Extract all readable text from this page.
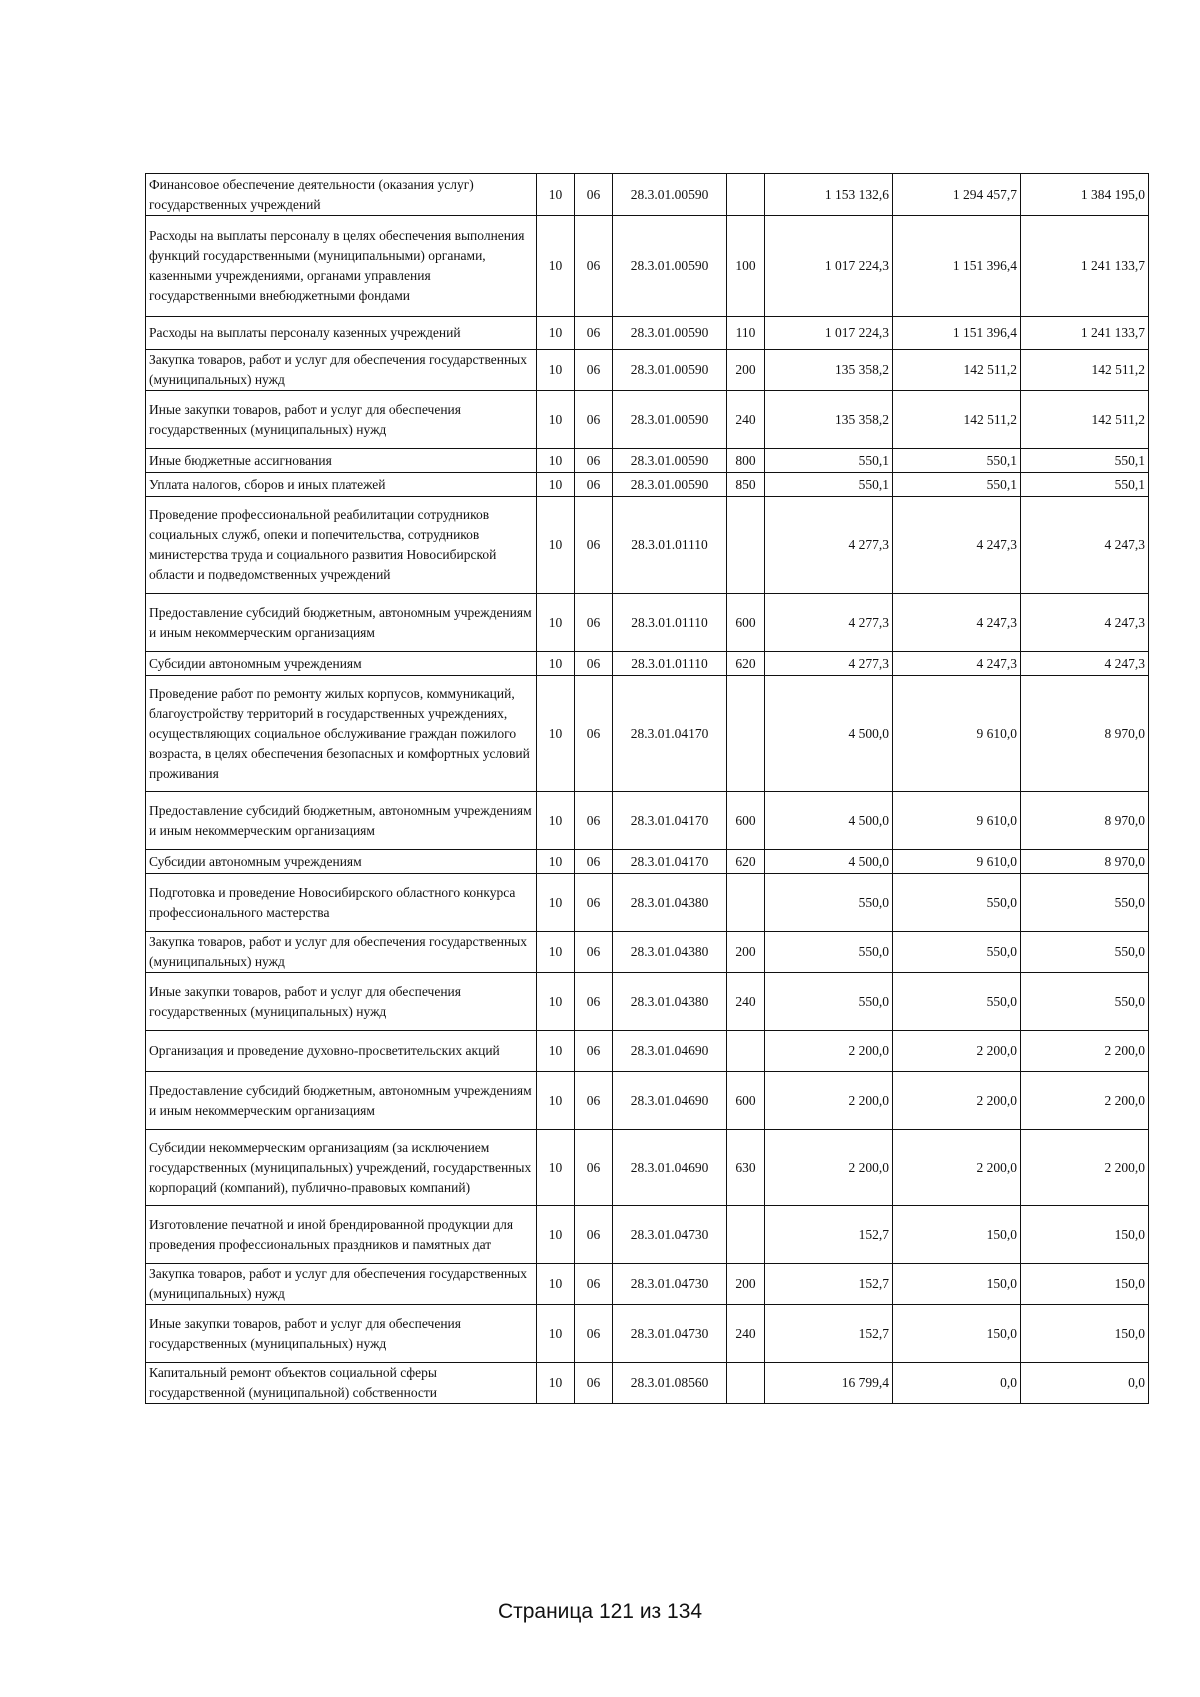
Финансовое обеспечение деятельности (оказания услуг) государственных учреждений	10	06	28.3.01.00590		1 153 132,6	1 294 457,7	1 384 195,0
Расходы на выплаты персоналу в целях обеспечения выполнения функций государственными (муниципальными) органами, казенными учреждениями, органами управления государственными внебюджетными фондами	10	06	28.3.01.00590	100	1 017 224,3	1 151 396,4	1 241 133,7
Расходы на выплаты персоналу казенных учреждений	10	06	28.3.01.00590	110	1 017 224,3	1 151 396,4	1 241 133,7
Закупка товаров, работ и услуг для обеспечения государственных (муниципальных) нужд	10	06	28.3.01.00590	200	135 358,2	142 511,2	142 511,2
Иные закупки товаров, работ и услуг для обеспечения государственных (муниципальных) нужд	10	06	28.3.01.00590	240	135 358,2	142 511,2	142 511,2
Иные бюджетные ассигнования	10	06	28.3.01.00590	800	550,1	550,1	550,1
Уплата налогов, сборов и иных платежей	10	06	28.3.01.00590	850	550,1	550,1	550,1
Проведение профессиональной реабилитации сотрудников социальных служб, опеки и попечительства, сотрудников министерства труда и социального развития Новосибирской области и подведомственных учреждений	10	06	28.3.01.01110		4 277,3	4 247,3	4 247,3
Предоставление субсидий бюджетным, автономным учреждениям и иным некоммерческим организациям	10	06	28.3.01.01110	600	4 277,3	4 247,3	4 247,3
Субсидии автономным учреждениям	10	06	28.3.01.01110	620	4 277,3	4 247,3	4 247,3
Проведение работ по ремонту жилых корпусов, коммуникаций, благоустройству территорий в государственных учреждениях, осуществляющих социальное обслуживание граждан пожилого возраста, в целях обеспечения безопасных и комфортных условий проживания	10	06	28.3.01.04170		4 500,0	9 610,0	8 970,0
Предоставление субсидий бюджетным, автономным учреждениям и иным некоммерческим организациям	10	06	28.3.01.04170	600	4 500,0	9 610,0	8 970,0
Субсидии автономным учреждениям	10	06	28.3.01.04170	620	4 500,0	9 610,0	8 970,0
Подготовка и проведение Новосибирского областного конкурса профессионального мастерства	10	06	28.3.01.04380		550,0	550,0	550,0
Закупка товаров, работ и услуг для обеспечения государственных (муниципальных) нужд	10	06	28.3.01.04380	200	550,0	550,0	550,0
Иные закупки товаров, работ и услуг для обеспечения государственных (муниципальных) нужд	10	06	28.3.01.04380	240	550,0	550,0	550,0
Организация и проведение духовно-просветительских акций	10	06	28.3.01.04690		2 200,0	2 200,0	2 200,0
Предоставление субсидий бюджетным, автономным учреждениям и иным некоммерческим организациям	10	06	28.3.01.04690	600	2 200,0	2 200,0	2 200,0
Субсидии некоммерческим организациям (за исключением государственных (муниципальных) учреждений, государственных корпораций (компаний), публично-правовых компаний)	10	06	28.3.01.04690	630	2 200,0	2 200,0	2 200,0
Изготовление печатной и иной брендированной продукции для проведения профессиональных праздников и памятных дат	10	06	28.3.01.04730		152,7	150,0	150,0
Закупка товаров, работ и услуг для обеспечения государственных (муниципальных) нужд	10	06	28.3.01.04730	200	152,7	150,0	150,0
Иные закупки товаров, работ и услуг для обеспечения государственных (муниципальных) нужд	10	06	28.3.01.04730	240	152,7	150,0	150,0
Капитальный ремонт объектов социальной сферы государственной (муниципальной) собственности	10	06	28.3.01.08560		16 799,4	0,0	0,0
Страница 121 из 134
